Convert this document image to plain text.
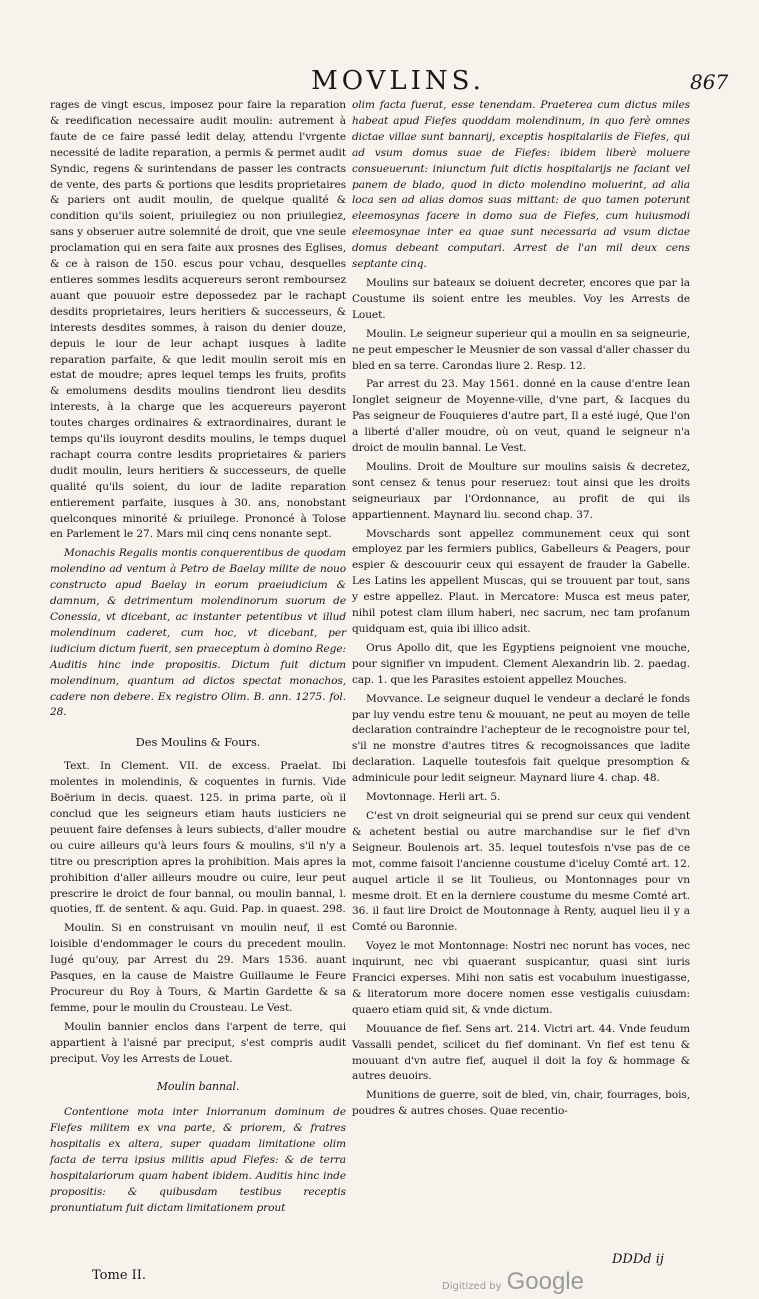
MOVLINS.	867

rages de vingt escus, imposez pour faire la reparation & reedification necessaire audit moulin: autrement à faute de ce faire passé ledit delay, attendu l'vrgente necessité de ladite reparation, a permis & permet audit Syndic, regens & surintendans de passer les contracts de vente, des parts & portions que lesdits proprietaires & pariers ont audit moulin, de quelque qualité & condition qu'ils soient, priuilegiez ou non priuilegiez, sans y obseruer autre solemnité de droit, que vne seule proclamation qui en sera faite aux prosnes des Eglises, & ce à raison de 150. escus pour vchau, desquelles entieres sommes lesdits acquereurs seront remboursez auant que pouuoir estre depossedez par le rachapt desdits proprietaires, leurs heritiers & successeurs, & interests desdites sommes, à raison du denier douze, depuis le iour de leur achapt iusques à ladite reparation parfaite, & que ledit moulin seroit mis en estat de moudre; apres lequel temps les fruits, profits & emolumens desdits moulins tiendront lieu desdits interests, à la charge que les acquereurs payeront toutes charges ordinaires & extraordinaires, durant le temps qu'ils iouyront desdits moulins, le temps duquel rachapt courra contre lesdits proprietaires & pariers dudit moulin, leurs heritiers & successeurs, de quelle qualité qu'ils soient, du iour de ladite reparation entierement parfaite, iusques à 30. ans, nonobstant quelconques minorité & priuilege. Prononcé à Tolose en Parlement le 27. Mars mil cinq cens nonante sept.

Monachis Regalis montis conquerentibus de quodam molendino ad ventum à Petro de Baelay milite de nouo constructo apud Baelay in eorum praeiudicium & damnum, & detrimentum molendinorum suorum de Conessia, vt dicebant, ac instanter petentibus vt illud molendinum caderet, cum hoc, vt dicebant, per iudicium dictum fuerit, sen praeceptum à domino Rege: Auditis hinc inde propositis. Dictum fuit dictum molendinum, quantum ad dictos spectat monachos, cadere non debere. Ex registro Olim. B. ann. 1275. fol. 28.

Des Moulins & Fours.

Text. In Clement. VII. de excess. Praelat. Ibi molentes in molendinis, & coquentes in furnis. Vide Boërium in decis. quaest. 125. in prima parte, où il conclud que les seigneurs etiam hauts iusticiers ne peuuent faire defenses à leurs subiects, d'aller moudre ou cuire ailleurs qu'à leurs fours & moulins, s'il n'y a titre ou prescription apres la prohibition. Mais apres la prohibition d'aller ailleurs moudre ou cuire, leur peut prescrire le droict de four bannal, ou moulin bannal, l. quoties, ff. de sentent. & aqu. Guid. Pap. in quaest. 298.

Moulin. Si en construisant vn moulin neuf, il est loisible d'endommager le cours du precedent moulin. Iugé qu'ouy, par Arrest du 29. Mars 1536. auant Pasques, en la cause de Maistre Guillaume le Feure Procureur du Roy à Tours, & Martin Gardette & sa femme, pour le moulin du Crousteau. Le Vest.

Moulin bannier enclos dans l'arpent de terre, qui appartient à l'aisné par preciput, s'est compris audit preciput. Voy les Arrests de Louet.

Moulin bannal.

Contentione mota inter Iniorranum dominum de Fiefes militem ex vna parte, & priorem, & fratres hospitalis ex altera, super quadam limitatione olim facta de terra ipsius militis apud Fiefes: & de terra hospitalariorum quam habent ibidem. Auditis hinc inde propositis: & quibusdam testibus receptis pronuntiatum fuit dictam limitationem prout

olim facta fuerat, esse tenendam. Praeterea cum dictus miles habeat apud Fiefes quoddam molendinum, in quo ferè omnes dictae villae sunt bannarij, exceptis hospitalariis de Fiefes, qui ad vsum domus suae de Fiefes: ibidem liberè moluere consueuerunt: iniunctum fuit dictis hospitalarijs ne faciant vel panem de blado, quod in dicto molendino moluerint, ad alia loca sen ad alias domos suas mittant: de quo tamen poterunt eleemosynas facere in domo sua de Fiefes, cum huiusmodi eleemosynae inter ea quae sunt necessaria ad vsum dictae domus debeant computari. Arrest de l'an mil deux cens septante cinq.

Moulins sur bateaux se doiuent decreter, encores que par la Coustume ils soient entre les meubles. Voy les Arrests de Louet.

Moulin. Le seigneur superieur qui a moulin en sa seigneurie, ne peut empescher le Meusnier de son vassal d'aller chasser du bled en sa terre. Carondas liure 2. Resp. 12.

Par arrest du 23. May 1561. donné en la cause d'entre Iean Ionglet seigneur de Moyenne-ville, d'vne part, & Iacques du Pas seigneur de Fouquieres d'autre part, Il a esté iugé, Que l'on a liberté d'aller moudre, où on veut, quand le seigneur n'a droict de moulin bannal. Le Vest.

Moulins. Droit de Moulture sur moulins saisis & decretez, sont censez & tenus pour reseruez: tout ainsi que les droits seigneuriaux par l'Ordonnance, au profit de qui ils appartiennent. Maynard liu. second chap. 37.

Movschards sont appellez communement ceux qui sont employez par les fermiers publics, Gabelleurs & Peagers, pour espier & descouurir ceux qui essayent de frauder la Gabelle. Les Latins les appellent Muscas, qui se trouuent par tout, sans y estre appellez. Plaut. in Mercatore: Musca est meus pater, nihil potest clam illum haberi, nec sacrum, nec tam profanum quidquam est, quia ibi illico adsit.

Orus Apollo dit, que les Egyptiens peignoient vne mouche, pour signifier vn impudent. Clement Alexandrin lib. 2. paedag. cap. 1. que les Parasites estoient appellez Mouches.

Movvance. Le seigneur duquel le vendeur a declaré le fonds par luy vendu estre tenu & mouuant, ne peut au moyen de telle declaration contraindre l'achepteur de le recognoistre pour tel, s'il ne monstre d'autres titres & recognoissances que ladite declaration. Laquelle toutesfois fait quelque presomption & adminicule pour ledit seigneur. Maynard liure 4. chap. 48.

Movtonnage. Herli art. 5.

C'est vn droit seigneurial qui se prend sur ceux qui vendent & achetent bestial ou autre marchandise sur le fief d'vn Seigneur. Boulenois art. 35. lequel toutesfois n'vse pas de ce mot, comme faisoit l'ancienne coustume d'iceluy Comté art. 12. auquel article il se lit Toulieus, ou Montonnages pour vn mesme droit. Et en la derniere coustume du mesme Comté art. 36. il faut lire Droict de Moutonnage à Renty, auquel lieu il y a Comté ou Baronnie.

Voyez le mot Montonnage: Nostri nec norunt has voces, nec inquirunt, nec vbi quaerant suspicantur, quasi sint iuris Francici experses. Mihi non satis est vocabulum inuestigasse, & literatorum more docere nomen esse vestigalis cuiusdam: quaero etiam quid sit, & vnde dictum.

Mouuance de fief. Sens art. 214. Victri art. 44. Vnde feudum Vassalli pendet, scilicet du fief dominant. Vn fief est tenu & mouuant d'vn autre fief, auquel il doit la foy & hommage & autres deuoirs.

Munitions de guerre, soit de bled, vin, chair, fourrages, bois, poudres & autres choses. Quae recentio-

Tome II.
DDDd ij
Digitized by Google
